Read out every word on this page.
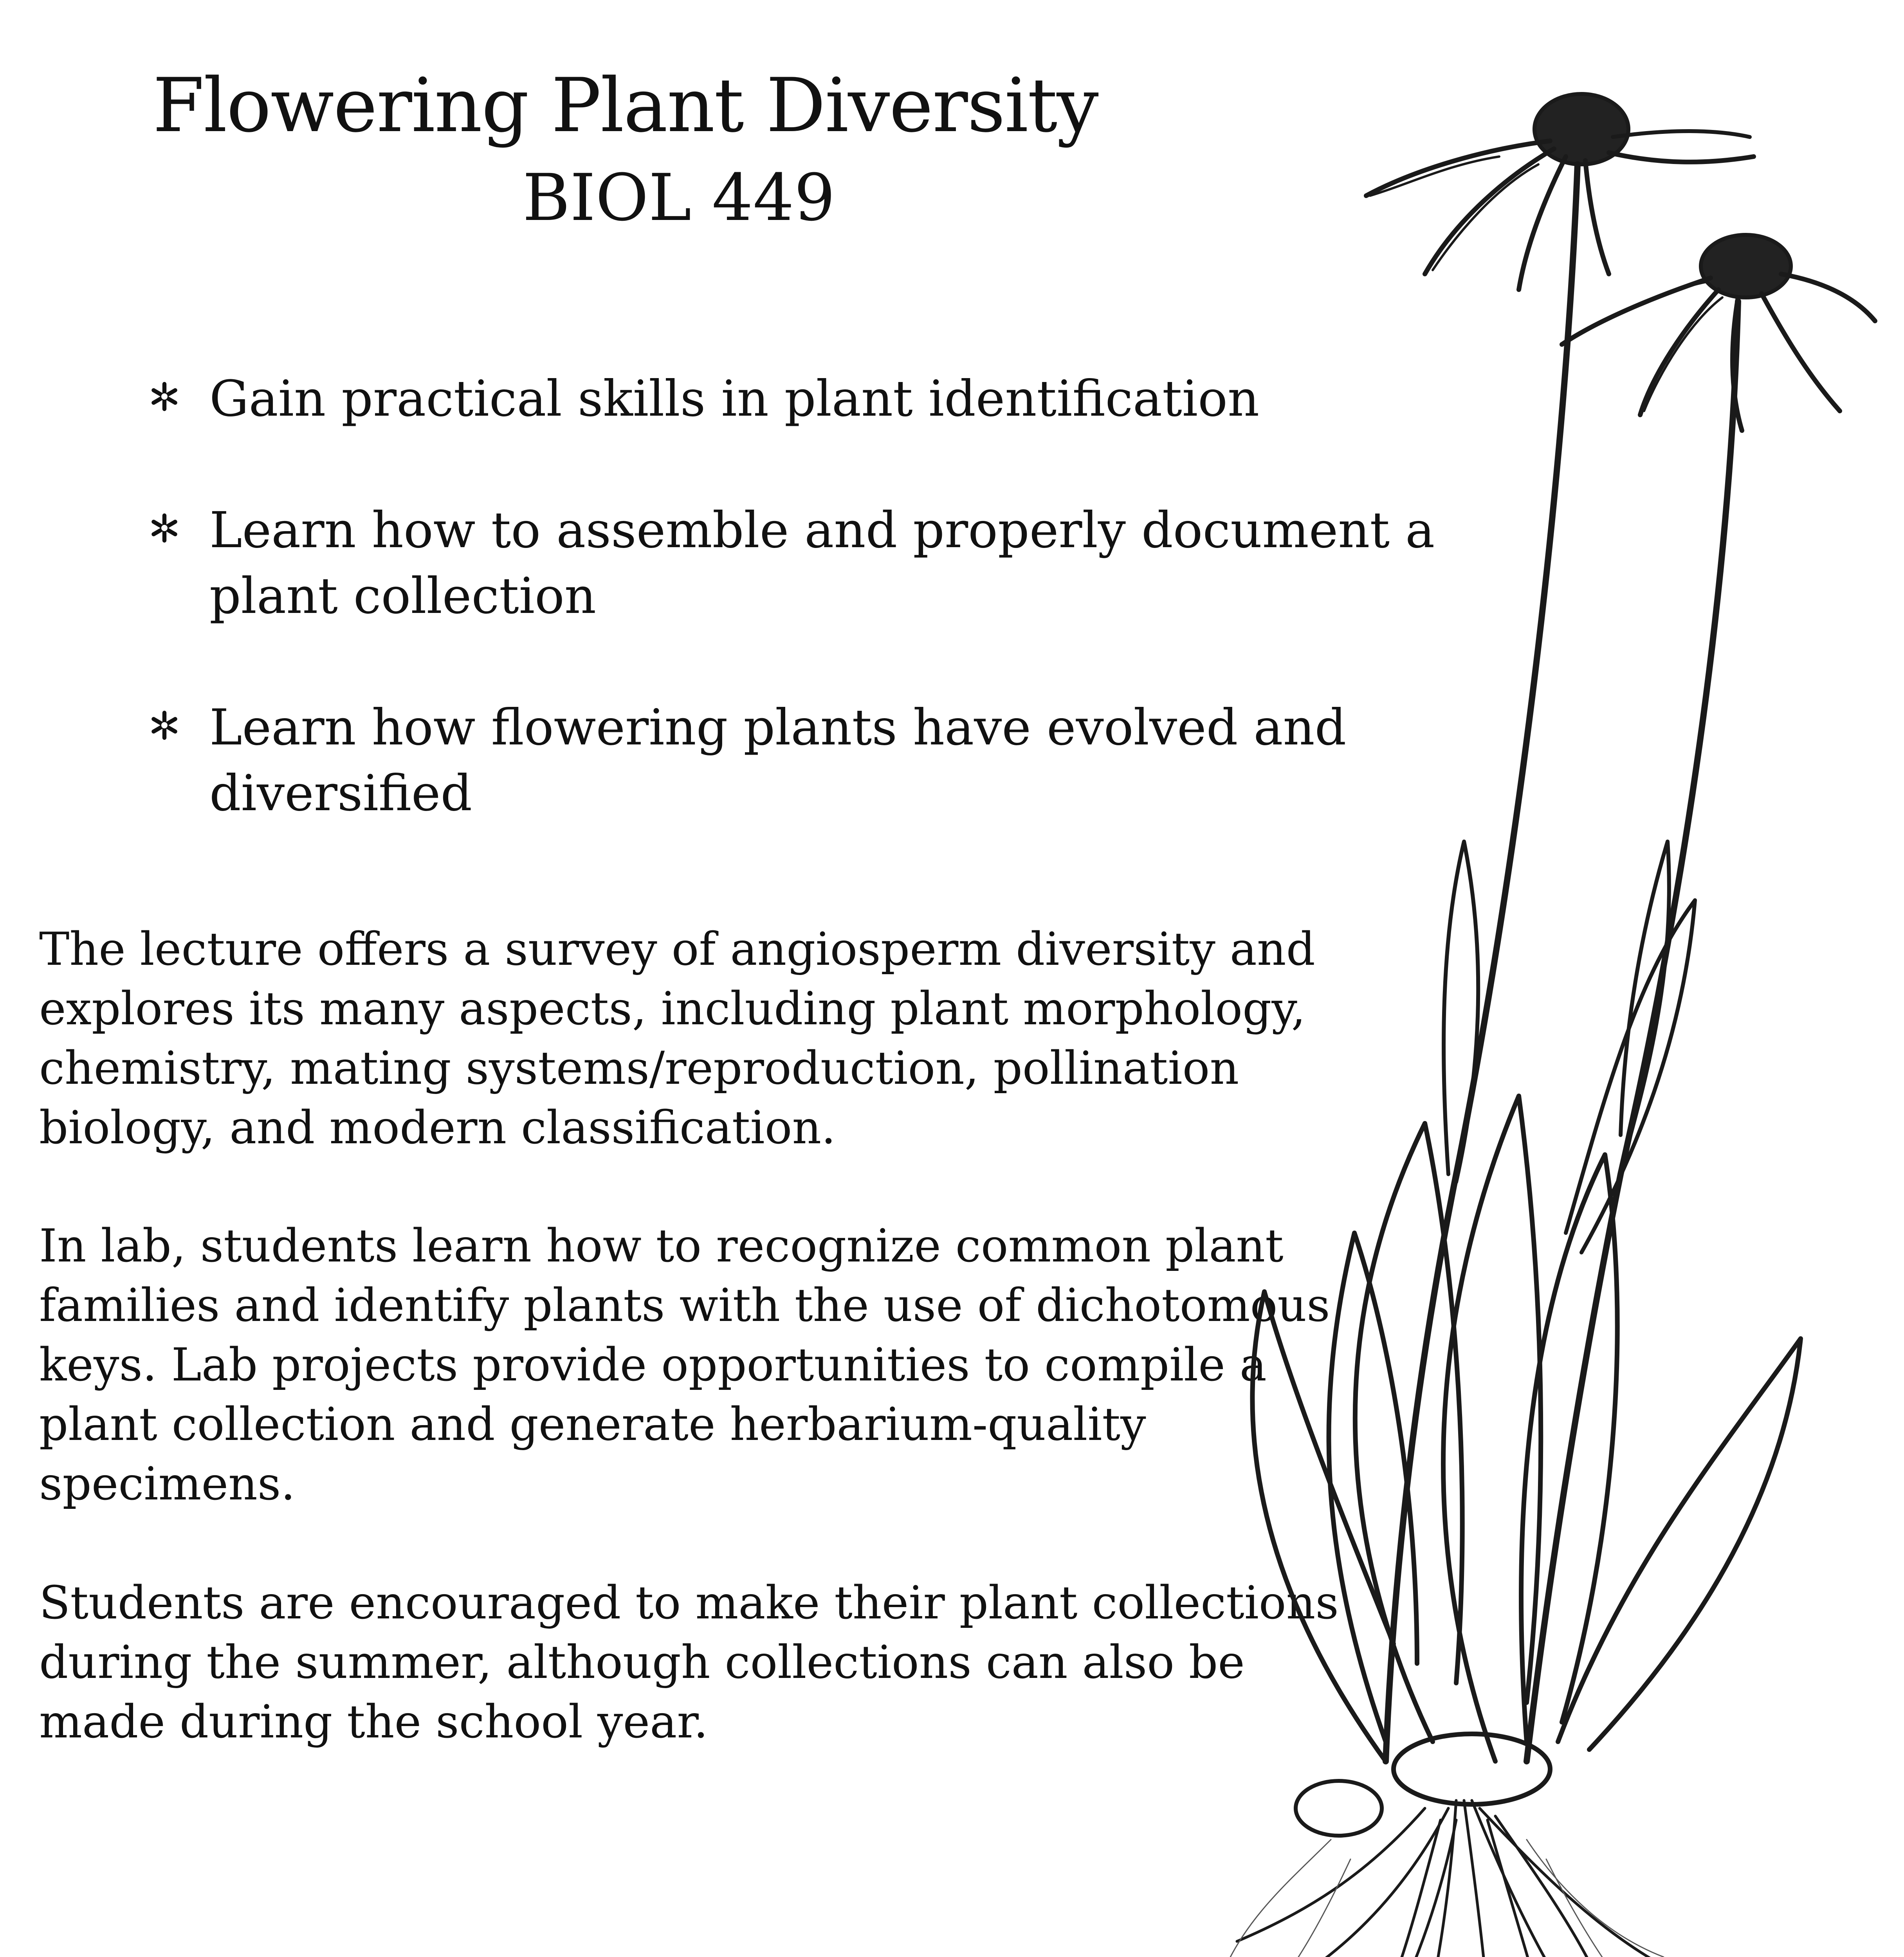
Flowering Plant Diversity
BIOL 449
Gain practical skills in plant identification
Learn how to assemble and properly document a plant collection
Learn how flowering plants have evolved and diversified

The lecture offers a survey of angiosperm diversity and explores its many aspects, including plant morphology, chemistry, mating systems/reproduction, pollination biology, and modern classification.

In lab, students learn how to recognize common plant families and identify plants with the use of dichotomous keys. Lab projects provide opportunities to compile a plant collection and generate herbarium-quality specimens.

Students are encouraged to make their plant collections during the summer, although collections can also be made during the school year.
